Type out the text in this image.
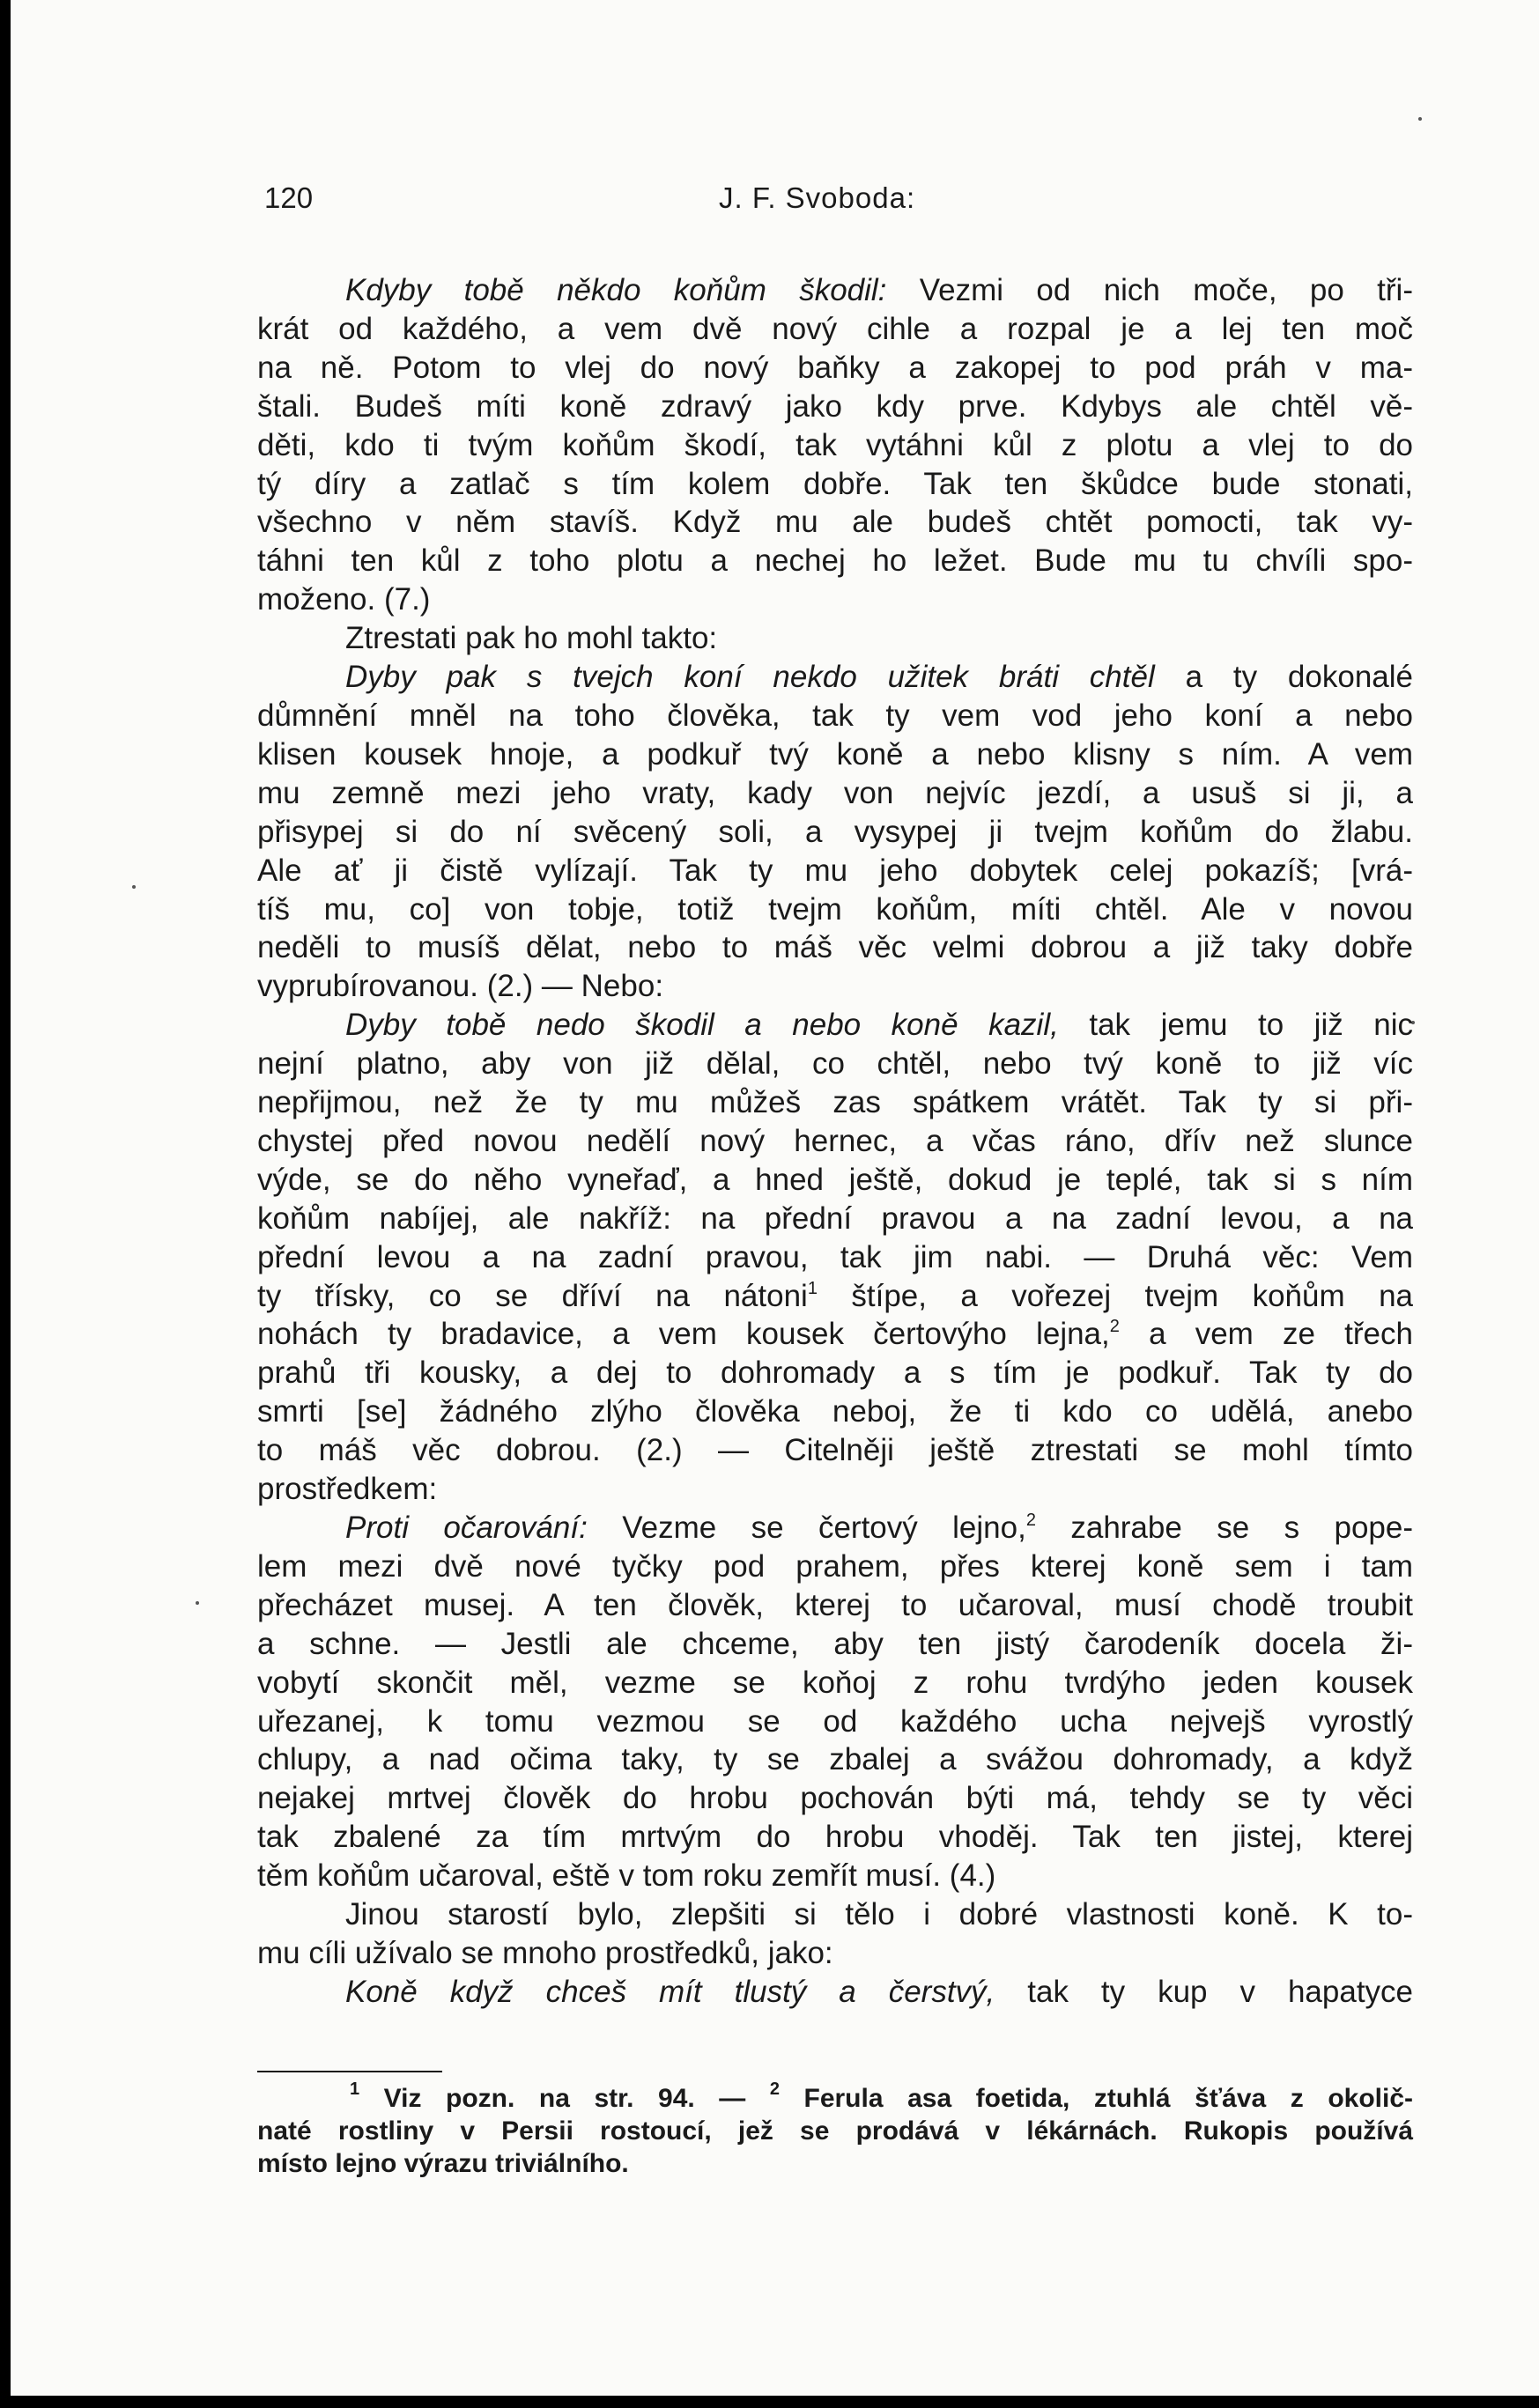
120	J. F. Svoboda:

Kdyby tobě někdo koňům škodil: Vezmi od nich moče, po tři-
krát od každého, a vem dvě nový cihle a rozpal je a lej ten moč
na ně. Potom to vlej do nový baňky a zakopej to pod práh v ma-
štali. Budeš míti koně zdravý jako kdy prve. Kdybys ale chtěl vě-
děti, kdo ti tvým koňům škodí, tak vytáhni kůl z plotu a vlej to do
tý díry a zatlač s tím kolem dobře. Tak ten škůdce bude stonati,
všechno v něm stavíš. Když mu ale budeš chtět pomocti, tak vy-
táhni ten kůl z toho plotu a nechej ho ležet. Bude mu tu chvíli spo-
moženo. (7.)

Ztrestati pak ho mohl takto:

Dyby pak s tvejch koní nekdo užitek bráti chtěl a ty dokonalé
důmnění mněl na toho člověka, tak ty vem vod jeho koní a nebo
klisen kousek hnoje, a podkuř tvý koně a nebo klisny s ním. A vem
mu zemně mezi jeho vraty, kady von nejvíc jezdí, a usuš si ji, a
přisypej si do ní svěcený soli, a vysypej ji tvejm koňům do žlabu.
Ale ať ji čistě vylízají. Tak ty mu jeho dobytek celej pokazíš; [vrá-
tíš mu, co] von tobje, totiž tvejm koňům, míti chtěl. Ale v novou
neděli to musíš dělat, nebo to máš věc velmi dobrou a již taky dobře
vyprubírovanou. (2.) — Nebo:

Dyby tobě nedo škodil a nebo koně kazil, tak jemu to již nic
nejní platno, aby von již dělal, co chtěl, nebo tvý koně to již víc
nepřijmou, než že ty mu můžeš zas spátkem vrátět. Tak ty si při-
chystej před novou nedělí nový hernec, a včas ráno, dřív než slunce
výde, se do něho vyneřaď, a hned ještě, dokud je teplé, tak si s ním
koňům nabíjej, ale nakříž: na přední pravou a na zadní levou, a na
přední levou a na zadní pravou, tak jim nabi. — Druhá věc: Vem
ty třísky, co se dříví na nátoni$^1$ štípe, a vořezej tvejm koňům na
nohách ty bradavice, a vem kousek čertovýho lejna,$^2$ a vem ze třech
prahů tři kousky, a dej to dohromady a s tím je podkuř. Tak ty do
smrti [se] žádného zlýho člověka neboj, že ti kdo co udělá, anebo
to máš věc dobrou. (2.) — Citelněji ještě ztrestati se mohl tímto
prostředkem:

Proti očarování: Vezme se čertový lejno,$^2$ zahrabe se s pope-
lem mezi dvě nové tyčky pod prahem, přes kterej koně sem i tam
přecházet musej. A ten člověk, kterej to učaroval, musí chodě troubit
a schne. — Jestli ale chceme, aby ten jistý čarodeník docela ži-
vobytí skončit měl, vezme se koňoj z rohu tvrdýho jeden kousek
uřezanej, k tomu vezmou se od každého ucha nejvejš vyrostlý
chlupy, a nad očima taky, ty se zbalej a svážou dohromady, a když
nejakej mrtvej člověk do hrobu pochován býti má, tehdy se ty věci
tak zbalené za tím mrtvým do hrobu vhoděj. Tak ten jistej, kterej
těm koňům učaroval, eště v tom roku zemřít musí. (4.)

Jinou starostí bylo, zlepšiti si tělo i dobré vlastnosti koně. K to-
mu cíli užívalo se mnoho prostředků, jako:

Koně když chceš mít tlustý a čerstvý, tak ty kup v hapatyce

$^1$ Viz pozn. na str. 94. — $^2$ Ferula asa foetida, ztuhlá šťáva z okolič-
naté rostliny v Persii rostoucí, jež se prodává v lékárnách. Rukopis používá
místo lejno výrazu triviálního.
